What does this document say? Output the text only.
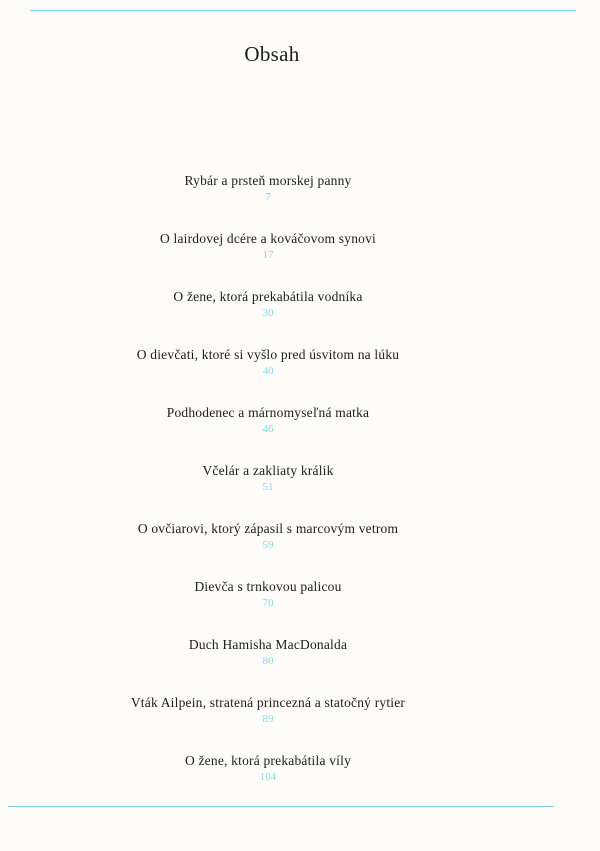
Obsah
Rybár a prsteň morskej panny
7
O lairdovej dcére a kováčovom synovi
17
O žene, ktorá prekabátila vodníka
30
O dievčati, ktoré si vyšlo pred úsvitom na lúku
40
Podhodenec a márnomyseľná matka
46
Včelár a zakliaty králik
51
O ovčiarovi, ktorý zápasil s marcovým vetrom
59
Dievča s trnkovou palicou
70
Duch Hamisha MacDonalda
80
Vták Ailpein, stratená princezná a statočný rytier
89
O žene, ktorá prekabátila víly
104
